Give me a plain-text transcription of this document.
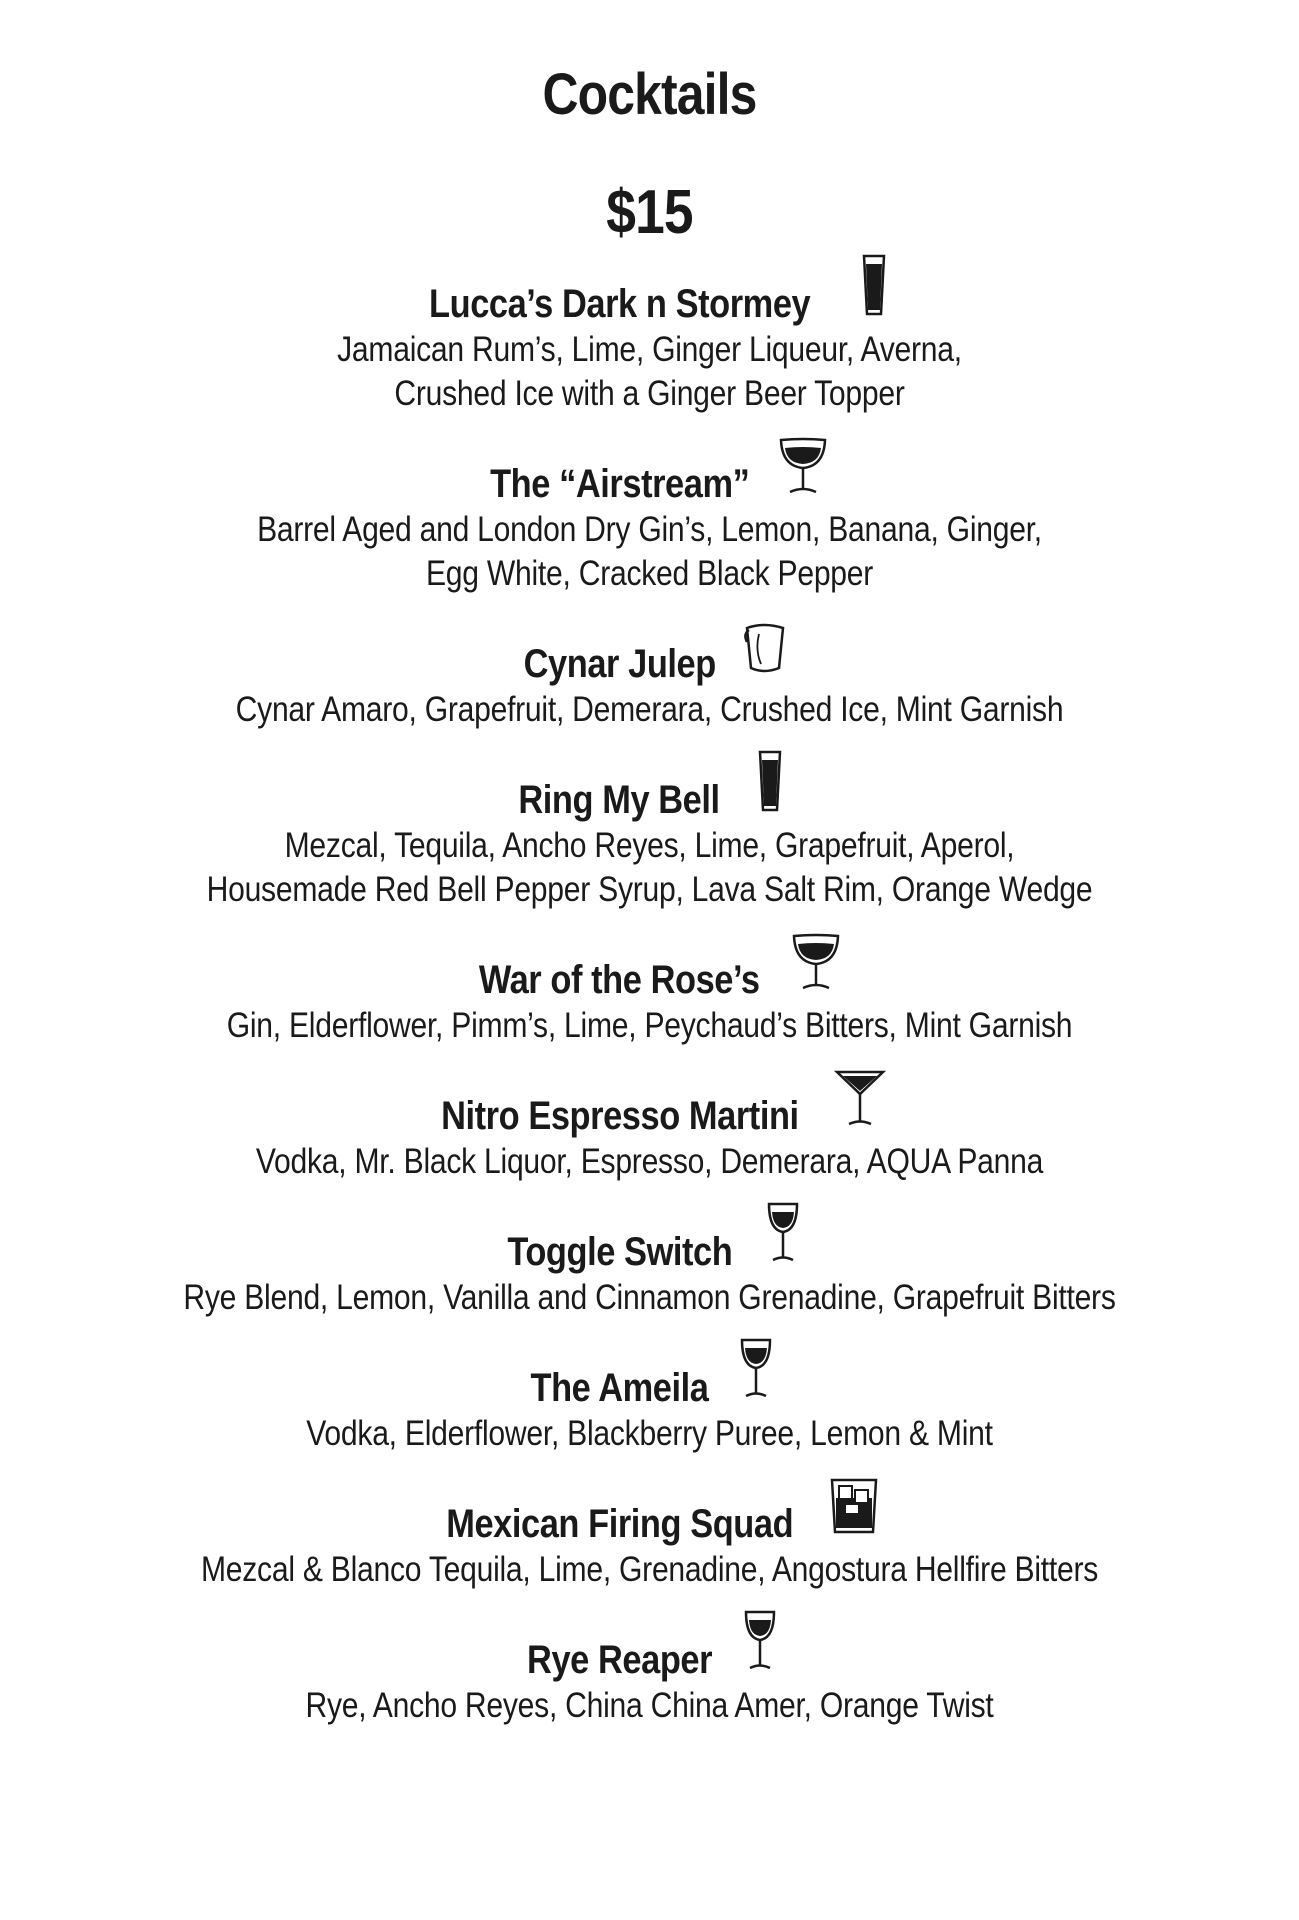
Cocktails
$15
Lucca’s Dark n Stormey
Jamaican Rum’s, Lime, Ginger Liqueur, Averna,
Crushed Ice with a Ginger Beer Topper
The “Airstream”
Barrel Aged and London Dry Gin’s, Lemon, Banana, Ginger,
Egg White, Cracked Black Pepper
Cynar Julep
Cynar Amaro, Grapefruit, Demerara, Crushed Ice, Mint Garnish
Ring My Bell
Mezcal, Tequila, Ancho Reyes, Lime, Grapefruit, Aperol,
Housemade Red Bell Pepper Syrup, Lava Salt Rim, Orange Wedge
War of the Rose’s
Gin, Elderflower, Pimm’s, Lime, Peychaud’s Bitters, Mint Garnish
Nitro Espresso Martini
Vodka, Mr. Black Liquor, Espresso, Demerara, AQUA Panna
Toggle Switch
Rye Blend, Lemon, Vanilla and Cinnamon Grenadine, Grapefruit Bitters
The Ameila
Vodka, Elderflower, Blackberry Puree, Lemon & Mint
Mexican Firing Squad
Mezcal & Blanco Tequila, Lime, Grenadine, Angostura Hellfire Bitters
Rye Reaper
Rye, Ancho Reyes, China China Amer, Orange Twist
